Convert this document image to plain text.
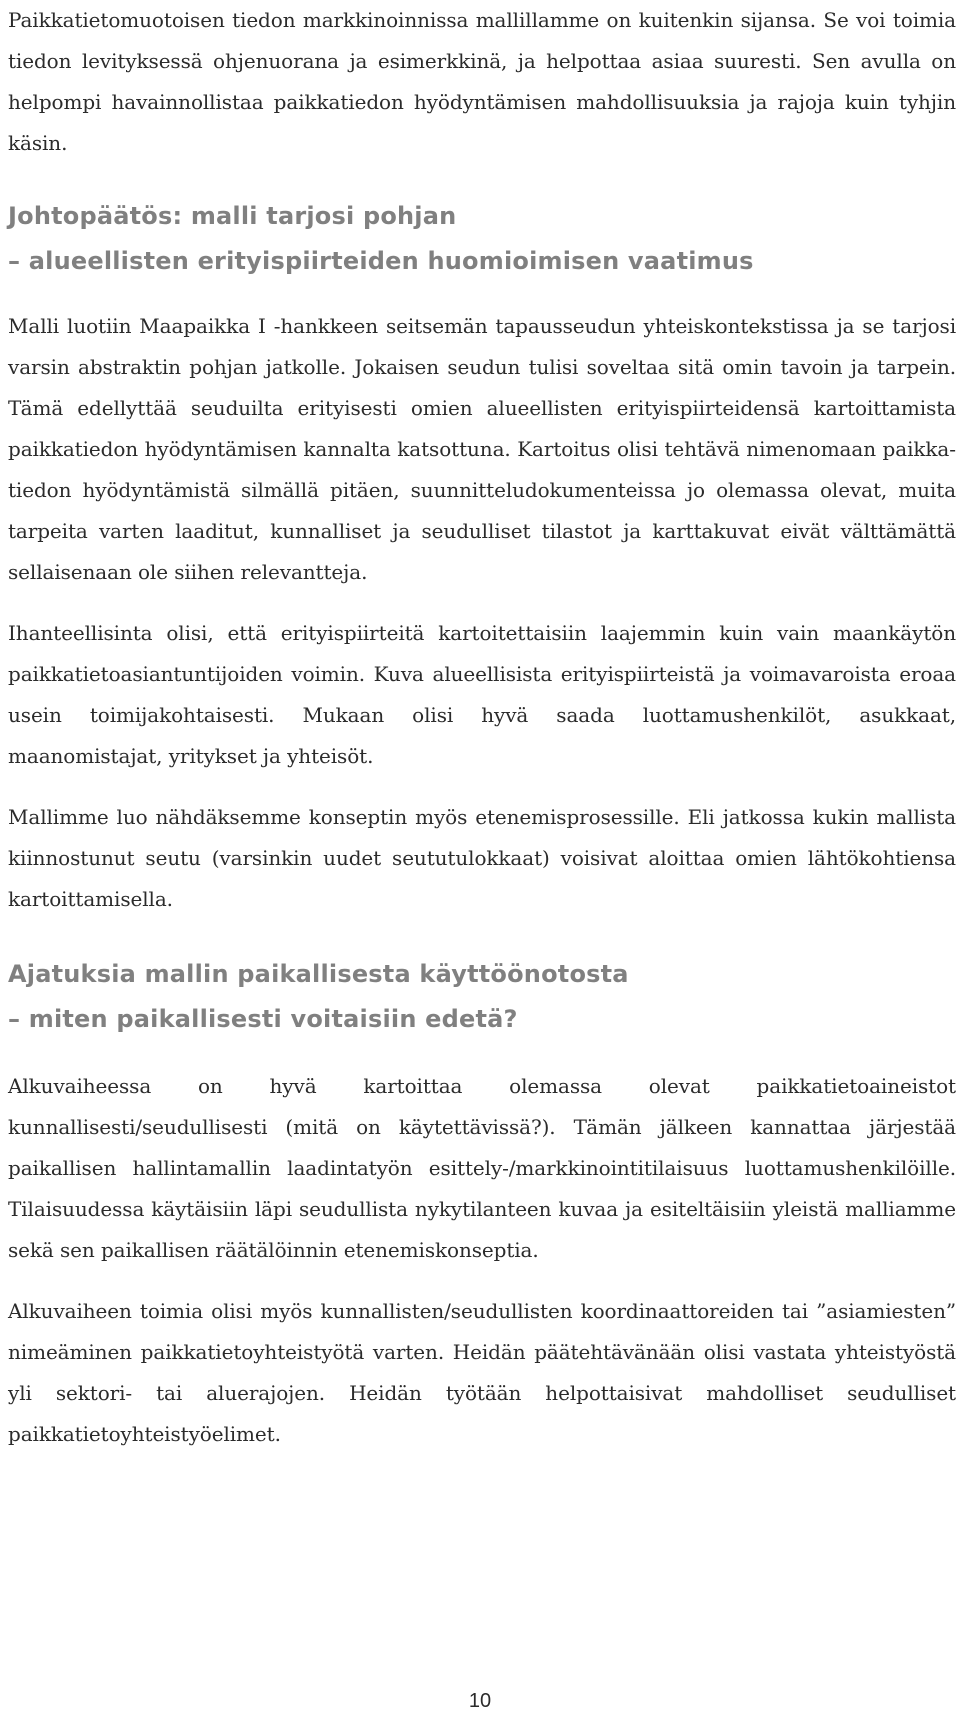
Paikkatietomuotoisen tiedon markkinoinnissa mallillamme on kuitenkin sijansa. Se voi toimia tiedon levityksessä ohjenuorana ja esimerkkinä, ja helpottaa asiaa suuresti. Sen avulla on helpompi havainnollistaa paikkatiedon hyödyntämisen mahdollisuuksia ja rajoja kuin tyhjin käsin.

Johtopäätös: malli tarjosi pohjan
– alueellisten erityispiirteiden huomioimisen vaatimus

Malli luotiin Maapaikka I -hankkeen seitsemän tapausseudun yhteiskontekstissa ja se tarjosi varsin abstraktin pohjan jatkolle. Jokaisen seudun tulisi soveltaa sitä omin tavoin ja tarpein. Tämä edellyttää seuduilta erityisesti omien alueellisten erityispiirteidensä kartoittamista paikkatiedon hyödyntämisen kannalta katsottuna. Kartoitus olisi tehtävä nimenomaan paikkatiedon hyödyntämistä silmällä pitäen, suunnitteludokumenteissa jo olemassa olevat, muita tarpeita varten laaditut, kunnalliset ja seudulliset tilastot ja karttakuvat eivät välttämättä sellaisenaan ole siihen relevantteja.

Ihanteellisinta olisi, että erityispiirteitä kartoitettaisiin laajemmin kuin vain maankäytön paikkatietoasiantuntijoiden voimin. Kuva alueellisista erityispiirteistä ja voimavaroista eroaa usein toimijakohtaisesti. Mukaan olisi hyvä saada luottamushenkilöt, asukkaat, maanomistajat, yritykset ja yhteisöt.

Mallimme luo nähdäksemme konseptin myös etenemisprosessille. Eli jatkossa kukin mallista kiinnostunut seutu (varsinkin uudet seututulokkaat) voisivat aloittaa omien lähtökohtiensa kartoittamisella.

Ajatuksia mallin paikallisesta käyttöönotosta
– miten paikallisesti voitaisiin edetä?

Alkuvaiheessa on hyvä kartoittaa olemassa olevat paikkatietoaineistot kunnallisesti/seudullisesti (mitä on käytettävissä?). Tämän jälkeen kannattaa järjestää paikallisen hallintamallin laadintatyön esittely-/markkinointitilaisuus luottamushenkilöille. Tilaisuudessa käytäisiin läpi seudullista nykytilanteen kuvaa ja esiteltäisiin yleistä malliamme sekä sen paikallisen räätälöinnin etenemiskonseptia.

Alkuvaiheen toimia olisi myös kunnallisten/seudullisten koordinaattoreiden tai ”asiamiesten” nimeäminen paikkatietoyhteistyötä varten. Heidän päätehtävänään olisi vastata yhteistyöstä yli sektori- tai aluerajojen. Heidän työtään helpottaisivat mahdolliset seudulliset paikkatietoyhteistyöelimet.

10
